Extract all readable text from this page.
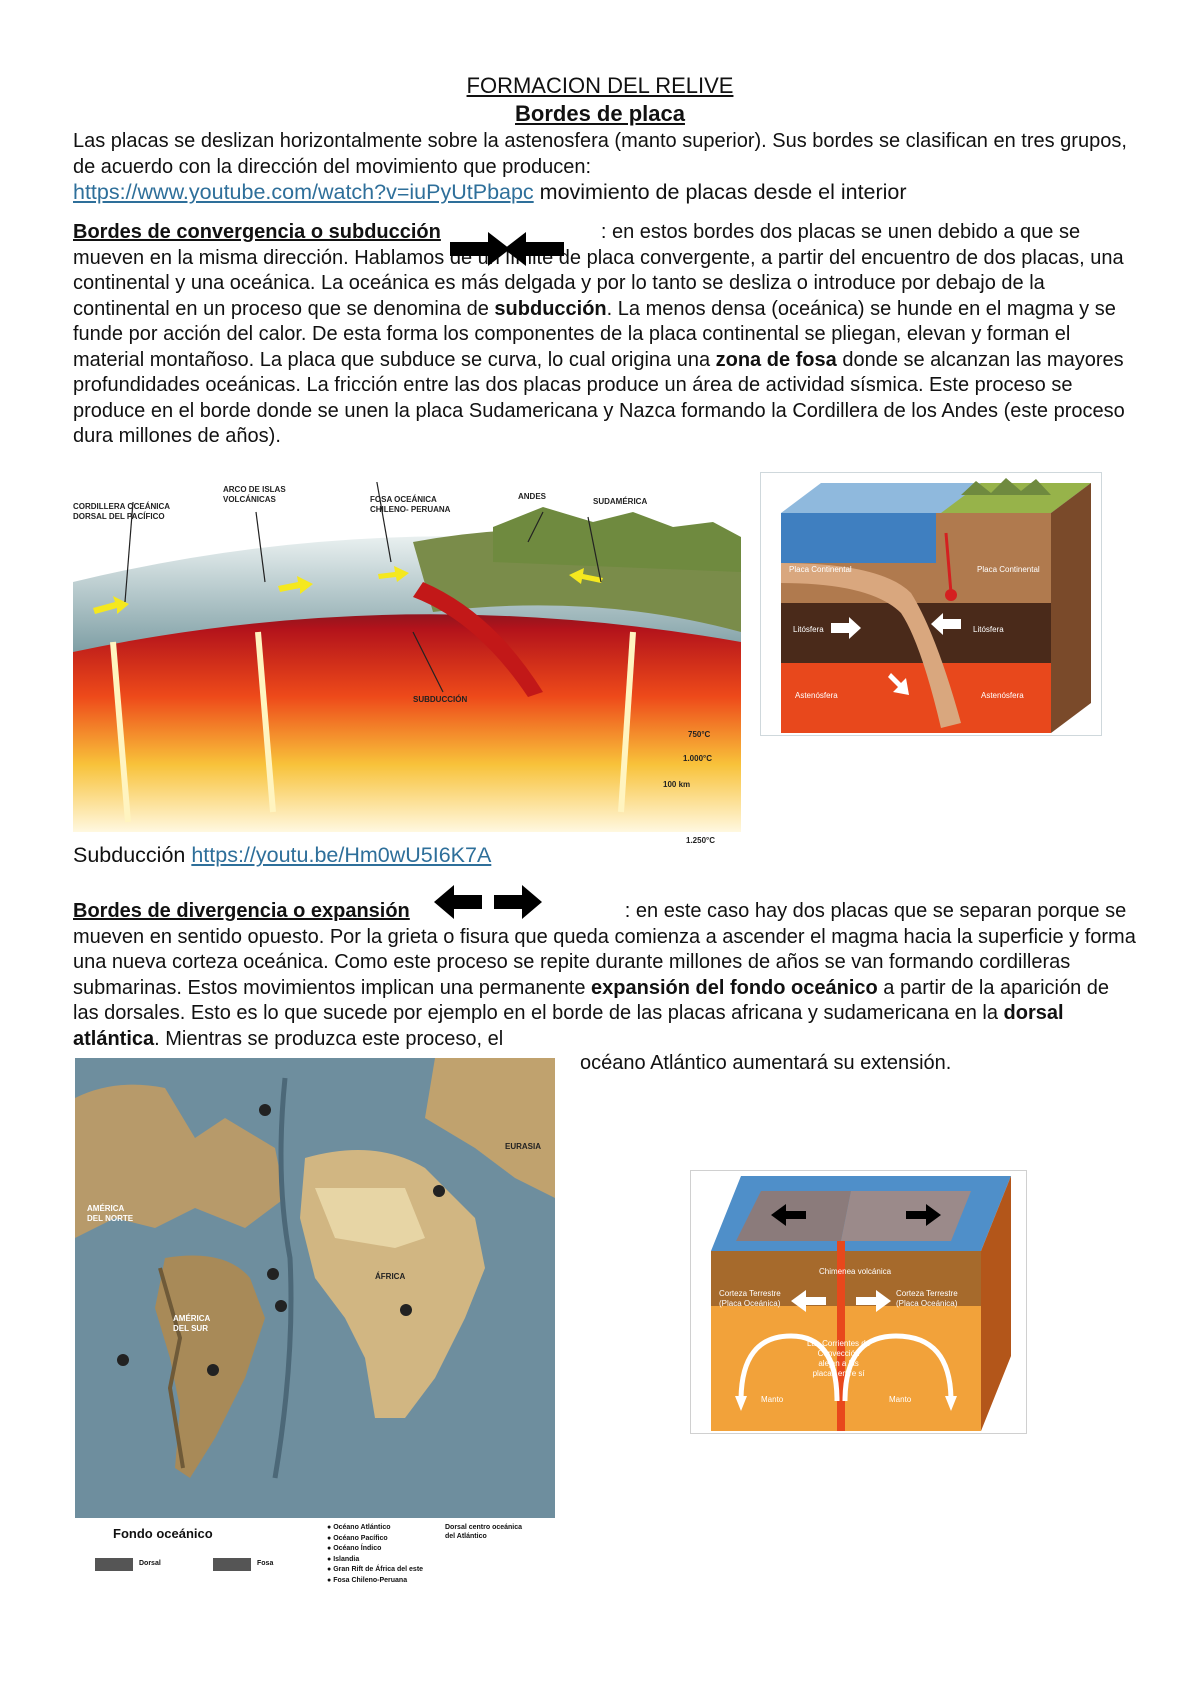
FORMACION DEL RELIVE
Bordes de placa
Las placas se deslizan horizontalmente sobre la astenosfera (manto superior). Sus bordes se clasifican en tres grupos, de acuerdo con la dirección del movimiento que producen:
https://www.youtube.com/watch?v=iuPyUtPbapc movimiento de placas desde el interior
Bordes de convergencia o subducción	: en estos bordes dos placas se unen debido a que se mueven en la misma dirección. Hablamos de un límite de placa convergente, a partir del encuentro de dos placas, una continental y una oceánica. La oceánica es más delgada y por lo tanto se desliza o introduce por debajo de la continental en un proceso que se denomina de subducción. La menos densa (oceánica) se hunde en el magma y se funde por acción del calor. De esta forma los componentes de la placa continental se pliegan, elevan y forman el material montañoso. La placa que subduce se curva, lo cual origina una zona de fosa donde se alcanzan las mayores profundidades oceánicas. La fricción entre las dos placas produce un área de actividad sísmica. Este proceso se produce en el borde donde se unen la placa Sudamericana y Nazca formando la Cordillera de los Andes (este proceso dura millones de años).
CORDILLERA OCEÁNICA
DORSAL DEL PACÍFICO
ARCO DE ISLAS
VOLCÁNICAS	ANDES
SUDAMÉRICA
SUBDUCCIÓN
750°C
1.000°C
100 km
FOSA OCEÁNICA
CHILENO- PERUANA
1.250°C
Placa Continental	Placa Continental
Litósfera	Litósfera
Astenósfera	Astenósfera
Subducción https://youtu.be/Hm0wU5I6K7A
Bordes de divergencia o expansión	: en este caso hay dos placas que se separan porque se mueven en sentido opuesto. Por la grieta o fisura que queda comienza a ascender el magma hacia la superficie y forma una nueva corteza oceánica. Como este proceso se repite durante millones de años se van formando cordilleras submarinas. Estos movimientos implican una permanente expansión del fondo oceánico a partir de la aparición de las dorsales. Esto es lo que sucede por ejemplo en el borde de las placas africana y sudamericana en la dorsal atlántica. Mientras se produzca este proceso, el
océano Atlántico aumentará su extensión.
EURASIA
AMÉRICA
DEL NORTE
ÁFRICA
AMÉRICA
DEL SUR
Fondo oceánico
Dorsal	Fosa
● Océano Atlántico
● Océano Pacífico
● Océano Índico
● Islandia
● Gran Rift de África del este
● Fosa Chileno-Peruana
Dorsal centro oceánica
del Atlántico
Chimenea volcánica
Corteza Terrestre
(Placa Oceánica)
Corteza Terrestre
(Placa Oceánica)
Las Corrientes de
Convección
alejan a las
placas entre sí
Manto	Manto
